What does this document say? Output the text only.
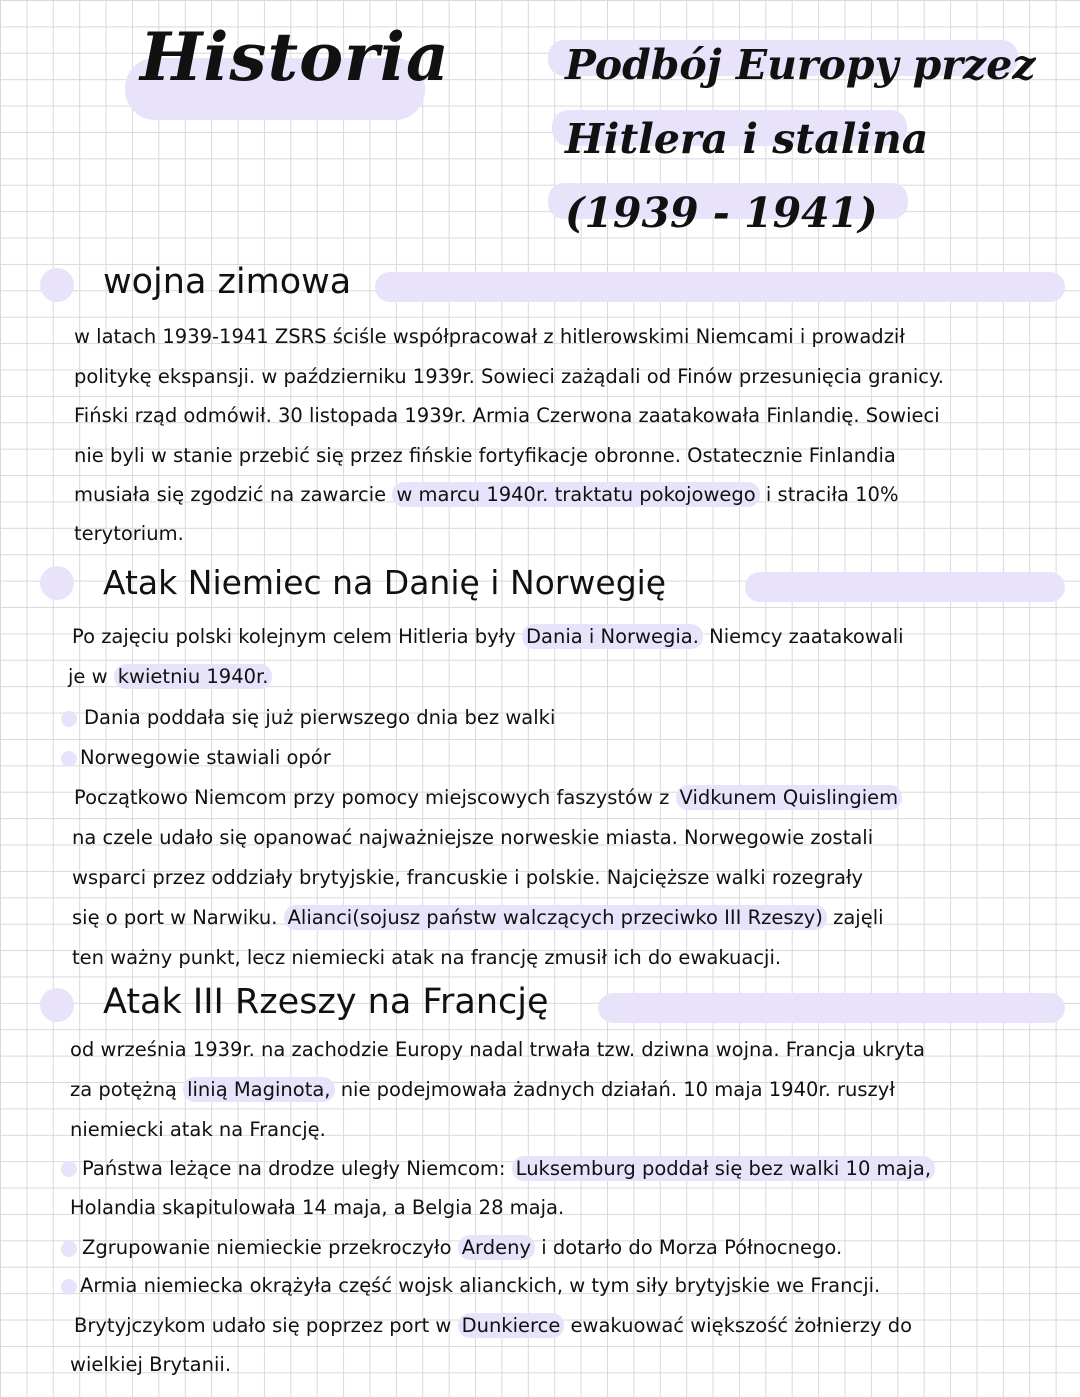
Historia	Podbój Europy przez
Hitlera i stalina
(1939 - 1941)
wojna zimowa
w latach 1939-1941 ZSRS ściśle współpracował z hitlerowskimi Niemcami i prowadził
politykę ekspansji. w październiku 1939r. Sowieci zażądali od Finów przesunięcia granicy.
Fiński rząd odmówił. 30 listopada 1939r. Armia Czerwona zaatakowała Finlandię. Sowieci
nie byli w stanie przebić się przez fińskie fortyfikacje obronne. Ostatecznie Finlandia
musiała się zgodzić na zawarcie w marcu 1940r. traktatu pokojowego i straciła 10%
terytorium.
Atak Niemiec na Danię i Norwegię
Po zajęciu polski kolejnym celem Hitleria były Dania i Norwegia. Niemcy zaatakowali
je w kwietniu 1940r.
Dania poddała się już pierwszego dnia bez walki
Norwegowie stawiali opór
Początkowo Niemcom przy pomocy miejscowych faszystów z Vidkunem Quislingiem
na czele udało się opanować najważniejsze norweskie miasta. Norwegowie zostali
wsparci przez oddziały brytyjskie, francuskie i polskie. Najcięższe walki rozegrały
się o port w Narwiku. Alianci(sojusz państw walczących przeciwko III Rzeszy) zajęli
ten ważny punkt, lecz niemiecki atak na francję zmusił ich do ewakuacji.
Atak III Rzeszy na Francję
od września 1939r. na zachodzie Europy nadal trwała tzw. dziwna wojna. Francja ukryta
za potężną linią Maginota, nie podejmowała żadnych działań. 10 maja 1940r. ruszył
niemiecki atak na Francję.
Państwa leżące na drodze uległy Niemcom: Luksemburg poddał się bez walki 10 maja,
Holandia skapitulowała 14 maja, a Belgia 28 maja.
Zgrupowanie niemieckie przekroczyło Ardeny i dotarło do Morza Północnego.
Armia niemiecka okrążyła część wojsk alianckich, w tym siły brytyjskie we Francji.
Brytyjczykom udało się poprzez port w Dunkierce ewakuować większość żołnierzy do
wielkiej Brytanii.
